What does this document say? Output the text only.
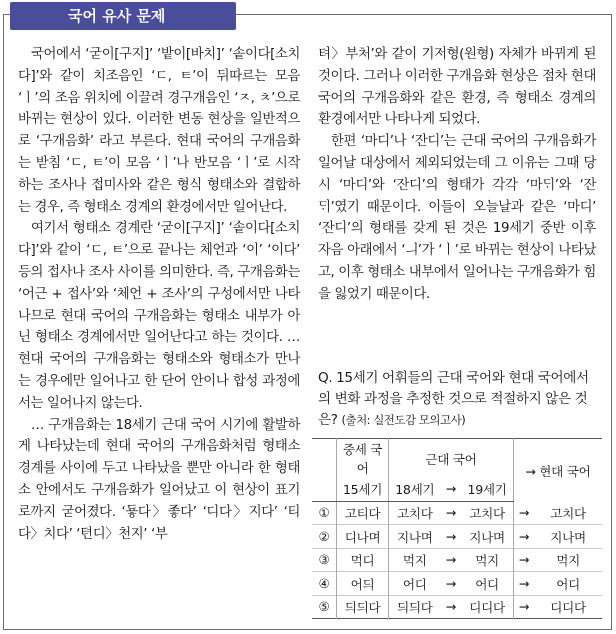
국어 유사 문제

국어에서 ‘굳이[구지]’ ‘밭이[바치]’ ‘솥이다[소치다]’와 같이 치조음인 ‘ㄷ, ㅌ’이 뒤따르는 모음 ‘ㅣ’의 조음 위치에 이끌려 경구개음인 ‘ㅈ, ㅊ’으로 바뀌는 현상이 있다. 이러한 변동 현상을 일반적으로 ‘구개음화’ 라고 부른다. 현대 국어의 구개음화는 받침 ‘ㄷ, ㅌ’이 모음 ‘ㅣ’나 반모음 ‘ㅣ’로 시작하는 조사나 접미사와 같은 형식 형태소와 결합하는 경우, 즉 형태소 경계의 환경에서만 일어난다.

여기서 형태소 경계란 ‘굳이[구지]’ ‘솥이다[소치다]’와 같이 ‘ㄷ, ㅌ’으로 끝나는 체언과 ‘이’ ‘이다’ 등의 접사나 조사 사이를 의미한다. 즉, 구개음화는 ‘어근 + 접사’와 ‘체언 + 조사’의 구성에서만 나타나므로 현대 국어의 구개음화는 형태소 내부가 아닌 형태소 경계에서만 일어난다고 하는 것이다. … 현대 국어의 구개음화는 형태소와 형태소가 만나는 경우에만 일어나고 한 단어 안이나 합성 과정에서는 일어나지 않는다.

… 구개음화는 18세기 근대 국어 시기에 활발하게 나타났는데 현대 국어의 구개음화처럼 형태소 경계를 사이에 두고 나타났을 뿐만 아니라 한 형태소 안에서도 구개음화가 일어났고 이 현상이 표기로까지 굳어졌다. ‘둏다〉좋다’ ‘디다〉지다’ ‘티다〉치다’ ‘텬디〉천지’ ‘부

텨〉부처’와 같이 기저형(원형) 자체가 바뀌게 된 것이다. 그러나 이러한 구개음화 현상은 점차 현대 국어의 구개음화와 같은 환경, 즉 형태소 경계의 환경에서만 나타나게 되었다.

한편 ‘마디’나 ‘잔디’는 근대 국어의 구개음화가 일어날 대상에서 제외되었는데 그 이유는 그때 당시 ‘마디’와 ‘잔디’의 형태가 각각 ‘마ᄃᆡ’와 ‘잔ᄃᆡ’였기 때문이다. 이들이 오늘날과 같은 ‘마디’ ‘잔디’의 형태를 갖게 된 것은 19세기 중반 이후 자음 아래에서 ‘ㅢ’가 ‘ㅣ’로 바뀌는 현상이 나타났고, 이후 형태소 내부에서 일어나는 구개음화가 힘을 잃었기 때문이다.

Q. 15세기 어휘들의 근대 국어와 현대 국어에서의 변화 과정을 추정한 것으로 적절하지 않은 것은? (출처: 실전도감 모의고사)
	중세 국어	근대 국어			→ 현대 국어	
	15세기	18세기	→	19세기		
①	고티다	고치다	→	고치다	→	고치다
②	디나며	지나며	→	지나며	→	지나며
③	먹디	먹지	→	먹지	→	먹지
④	어듸	어디	→	어디	→	어디
⑤	듸듸다	듸듸다	→	디디다	→	디디다
